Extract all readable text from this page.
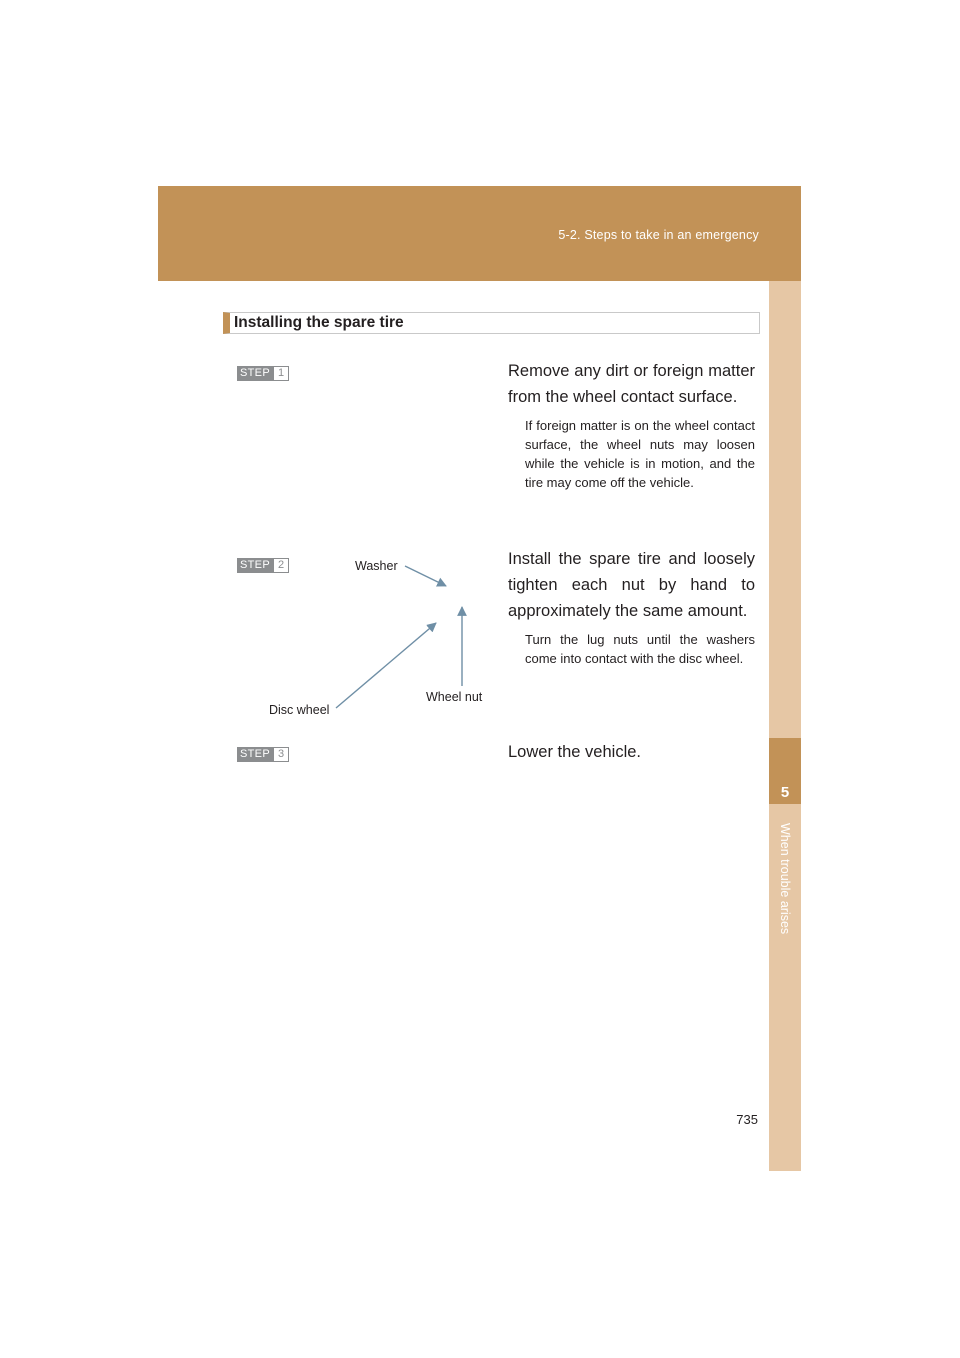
5-2. Steps to take in an emergency
5
When trouble arises
Installing the spare tire
STEP 1	Remove any dirt or foreign matter from the wheel contact surface.
If foreign matter is on the wheel contact surface, the wheel nuts may loosen while the vehicle is in motion, and the tire may come off the vehicle.
STEP 2	Install the spare tire and loosely tighten each nut by hand to approximately the same amount.
Turn the lug nuts until the washers come into contact with the disc wheel.
Washer
Disc wheel
Wheel nut
STEP 3	Lower the vehicle.
735
